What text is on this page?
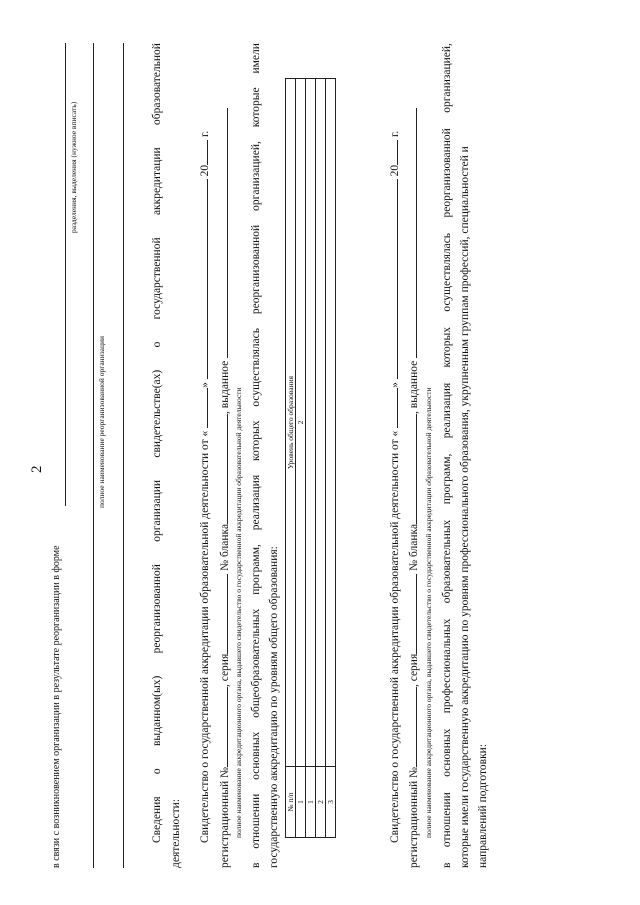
2
в связи с возникновением организации в результате реорганизации в форме
разделения, выделения (нужное вписать)
полное наименование реорганизованной организации
Сведения
о
выданном(ых)
реорганизованной
организации
свидетельстве(ах)
о
государственной
аккредитации
образовательной
деятельности: Свидетельство о государственной аккредитации образовательной деятельности от « »  20 г.
регистрационный №, серия № бланка, выданное
полное наименование аккредитационного органа, выдавшего свидетельство о государственной аккредитации образовательной деятельности
в
отношении
основных
общеобразовательных
программ,
реализация
которых
осуществлялась
реорганизованной
организацией,
которые
имели
государственную аккредитацию по уровням общего образования: № п/п	Уровень общего образования
1	2
1	
2	
3		Свидетельство о государственной аккредитации образовательной деятельности от « »  20 г.
регистрационный №, серия № бланка, выданное
полное наименование аккредитационного органа, выдавшего свидетельство о государственной аккредитации образовательной деятельности
в
отношении
основных
профессиональных
образовательных
программ,
реализация
которых
осуществлялась
реорганизованной
организацией,
которые имели государственную аккредитацию по уровням профессионального образования, укрупненным группам профессий, специальностей и направлений подготовки:
